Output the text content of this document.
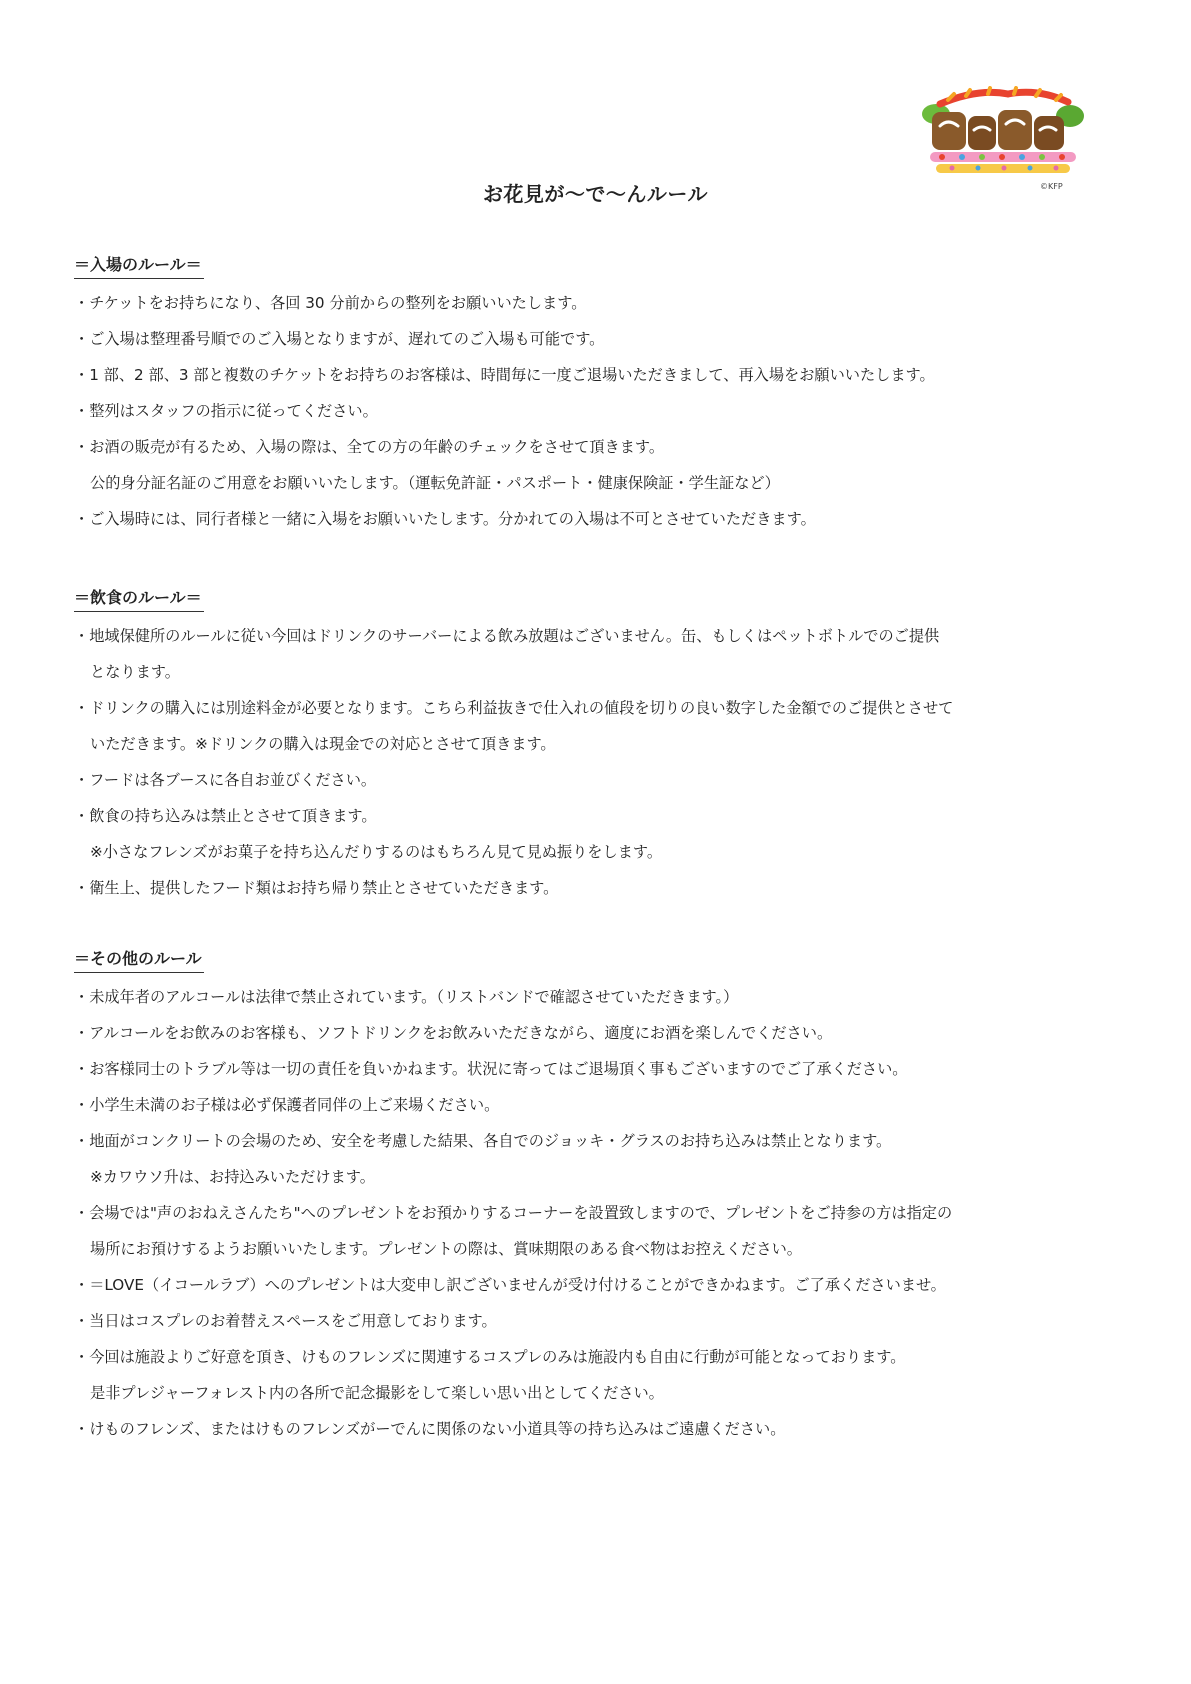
©KFP
お花見が〜で〜んルール
＝入場のルール＝
・チケットをお持ちになり、各回 30 分前からの整列をお願いいたします。
・ご入場は整理番号順でのご入場となりますが、遅れてのご入場も可能です。
・1 部、2 部、3 部と複数のチケットをお持ちのお客様は、時間毎に一度ご退場いただきまして、再入場をお願いいたします。
・整列はスタッフの指示に従ってください。
・お酒の販売が有るため、入場の際は、全ての方の年齢のチェックをさせて頂きます。
公的身分証名証のご用意をお願いいたします。（運転免許証・パスポート・健康保険証・学生証など）
・ご入場時には、同行者様と一緒に入場をお願いいたします。分かれての入場は不可とさせていただきます。
＝飲食のルール＝
・地域保健所のルールに従い今回はドリンクのサーバーによる飲み放題はございません。缶、もしくはペットボトルでのご提供
となります。
・ドリンクの購入には別途料金が必要となります。こちら利益抜きで仕入れの値段を切りの良い数字した金額でのご提供とさせて
いただきます。※ドリンクの購入は現金での対応とさせて頂きます。
・フードは各ブースに各自お並びください。
・飲食の持ち込みは禁止とさせて頂きます。
※小さなフレンズがお菓子を持ち込んだりするのはもちろん見て見ぬ振りをします。
・衛生上、提供したフード類はお持ち帰り禁止とさせていただきます。
＝その他のルール
・未成年者のアルコールは法律で禁止されています。（リストバンドで確認させていただきます。）
・アルコールをお飲みのお客様も、ソフトドリンクをお飲みいただきながら、適度にお酒を楽しんでください。
・お客様同士のトラブル等は一切の責任を負いかねます。状況に寄ってはご退場頂く事もございますのでご了承ください。
・小学生未満のお子様は必ず保護者同伴の上ご来場ください。
・地面がコンクリートの会場のため、安全を考慮した結果、各自でのジョッキ・グラスのお持ち込みは禁止となります。
※カワウソ升は、お持込みいただけます。
・会場では"声のおねえさんたち"へのプレゼントをお預かりするコーナーを設置致しますので、プレゼントをご持参の方は指定の
場所にお預けするようお願いいたします。プレゼントの際は、賞味期限のある食べ物はお控えください。
・＝LOVE（イコールラブ）へのプレゼントは大変申し訳ございませんが受け付けることができかねます。ご了承くださいませ。
・当日はコスプレのお着替えスペースをご用意しております。
・今回は施設よりご好意を頂き、けものフレンズに関連するコスプレのみは施設内も自由に行動が可能となっております。
是非プレジャーフォレスト内の各所で記念撮影をして楽しい思い出としてください。
・けものフレンズ、またはけものフレンズがーでんに関係のない小道具等の持ち込みはご遠慮ください。
